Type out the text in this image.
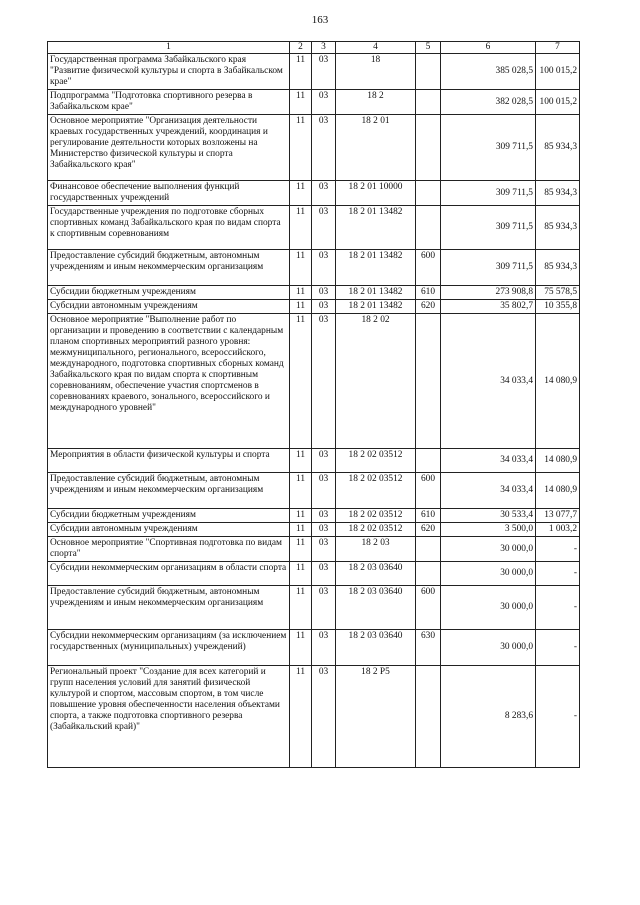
163
1	2	3	4	5	6	7
Государственная программа Забайкальского края "Развитие физической культуры и спорта в Забайкальском крае"	11	03	18		385 028,5	100 015,2
Подпрограмма "Подготовка спортивного резерва в Забайкальском крае"	11	03	18 2		382 028,5	100 015,2
Основное мероприятие "Организация деятельности краевых государственных учреждений, координация и регулирование деятельности которых возложены на Министерство физической культуры и спорта Забайкальского края"	11	03	18 2 01		309 711,5	85 934,3
Финансовое обеспечение выполнения функций государственных учреждений	11	03	18 2 01 10000		309 711,5	85 934,3
Государственные учреждения по подготовке сборных спортивных команд Забайкальского края по видам спорта к спортивным соревнованиям	11	03	18 2 01 13482		309 711,5	85 934,3
Предоставление субсидий бюджетным, автономным учреждениям и иным некоммерческим организациям	11	03	18 2 01 13482	600	309 711,5	85 934,3
Субсидии бюджетным учреждениям	11	03	18 2 01 13482	610	273 908,8	75 578,5
Субсидии автономным учреждениям	11	03	18 2 01 13482	620	35 802,7	10 355,8
Основное мероприятие "Выполнение работ по организации и проведению в соответствии с календарным планом спортивных мероприятий разного уровня: межмуниципального, регионального, всероссийского, международного, подготовка спортивных сборных команд Забайкальского края по видам спорта к спортивным соревнованиям, обеспечение участия спортсменов в соревнованиях краевого, зонального, всероссийского и международного уровней"	11	03	18 2 02		34 033,4	14 080,9
Мероприятия в области физической культуры и спорта	11	03	18 2 02 03512		34 033,4	14 080,9
Предоставление субсидий бюджетным, автономным учреждениям и иным некоммерческим организациям	11	03	18 2 02 03512	600	34 033,4	14 080,9
Субсидии бюджетным учреждениям	11	03	18 2 02 03512	610	30 533,4	13 077,7
Субсидии автономным учреждениям	11	03	18 2 02 03512	620	3 500,0	1 003,2
Основное мероприятие "Спортивная подготовка по видам спорта"	11	03	18 2 03		30 000,0	-
Субсидии некоммерческим организациям в области спорта	11	03	18 2 03 03640		30 000,0	-
Предоставление субсидий бюджетным, автономным учреждениям и иным некоммерческим организациям	11	03	18 2 03 03640	600	30 000,0	-
Субсидии некоммерческим организациям (за исключением государственных (муниципальных) учреждений)	11	03	18 2 03 03640	630	30 000,0	-
Региональный проект "Создание для всех категорий и групп населения условий для занятий физической культурой и спортом, массовым спортом, в том числе повышение уровня обеспеченности населения объектами спорта, а также подготовка спортивного резерва (Забайкальский край)"	11	03	18 2 P5		8 283,6	-
